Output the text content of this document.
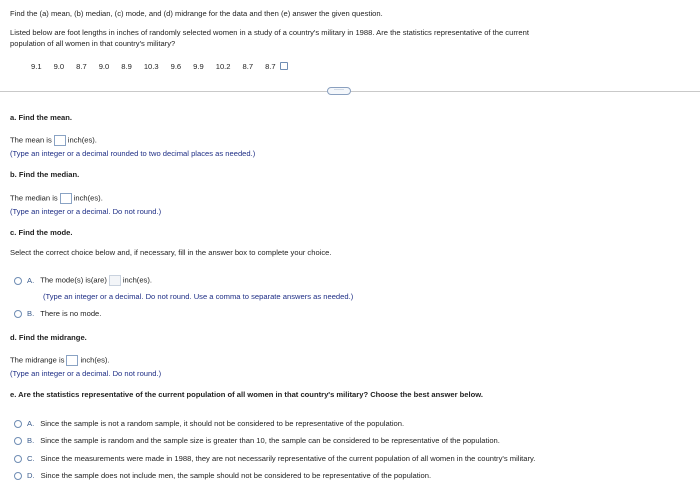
Find the (a) mean, (b) median, (c) mode, and (d) midrange for the data and then (e) answer the given question.
Listed below are foot lengths in inches of randomly selected women in a study of a country's military in 1988. Are the statistics representative of the current
population of all women in that country's military?
9.1 9.0 8.7 9.0 8.9 10.3 9.6 9.9 10.2 8.7 8.7
·····
a. Find the mean.
The mean is inch(es).
(Type an integer or a decimal rounded to two decimal places as needed.)
b. Find the median.
The median is inch(es).
(Type an integer or a decimal. Do not round.)
c. Find the mode.
Select the correct choice below and, if necessary, fill in the answer box to complete your choice.
A. The mode(s) is(are) inch(es).
(Type an integer or a decimal. Do not round. Use a comma to separate answers as needed.)
B. There is no mode.
d. Find the midrange.
The midrange is inch(es).
(Type an integer or a decimal. Do not round.)
e. Are the statistics representative of the current population of all women in that country's military? Choose the best answer below.
A. Since the sample is not a random sample, it should not be considered to be representative of the population.
B. Since the sample is random and the sample size is greater than 10, the sample can be considered to be representative of the population.
C. Since the measurements were made in 1988, they are not necessarily representative of the current population of all women in the country's military.
D. Since the sample does not include men, the sample should not be considered to be representative of the population.
